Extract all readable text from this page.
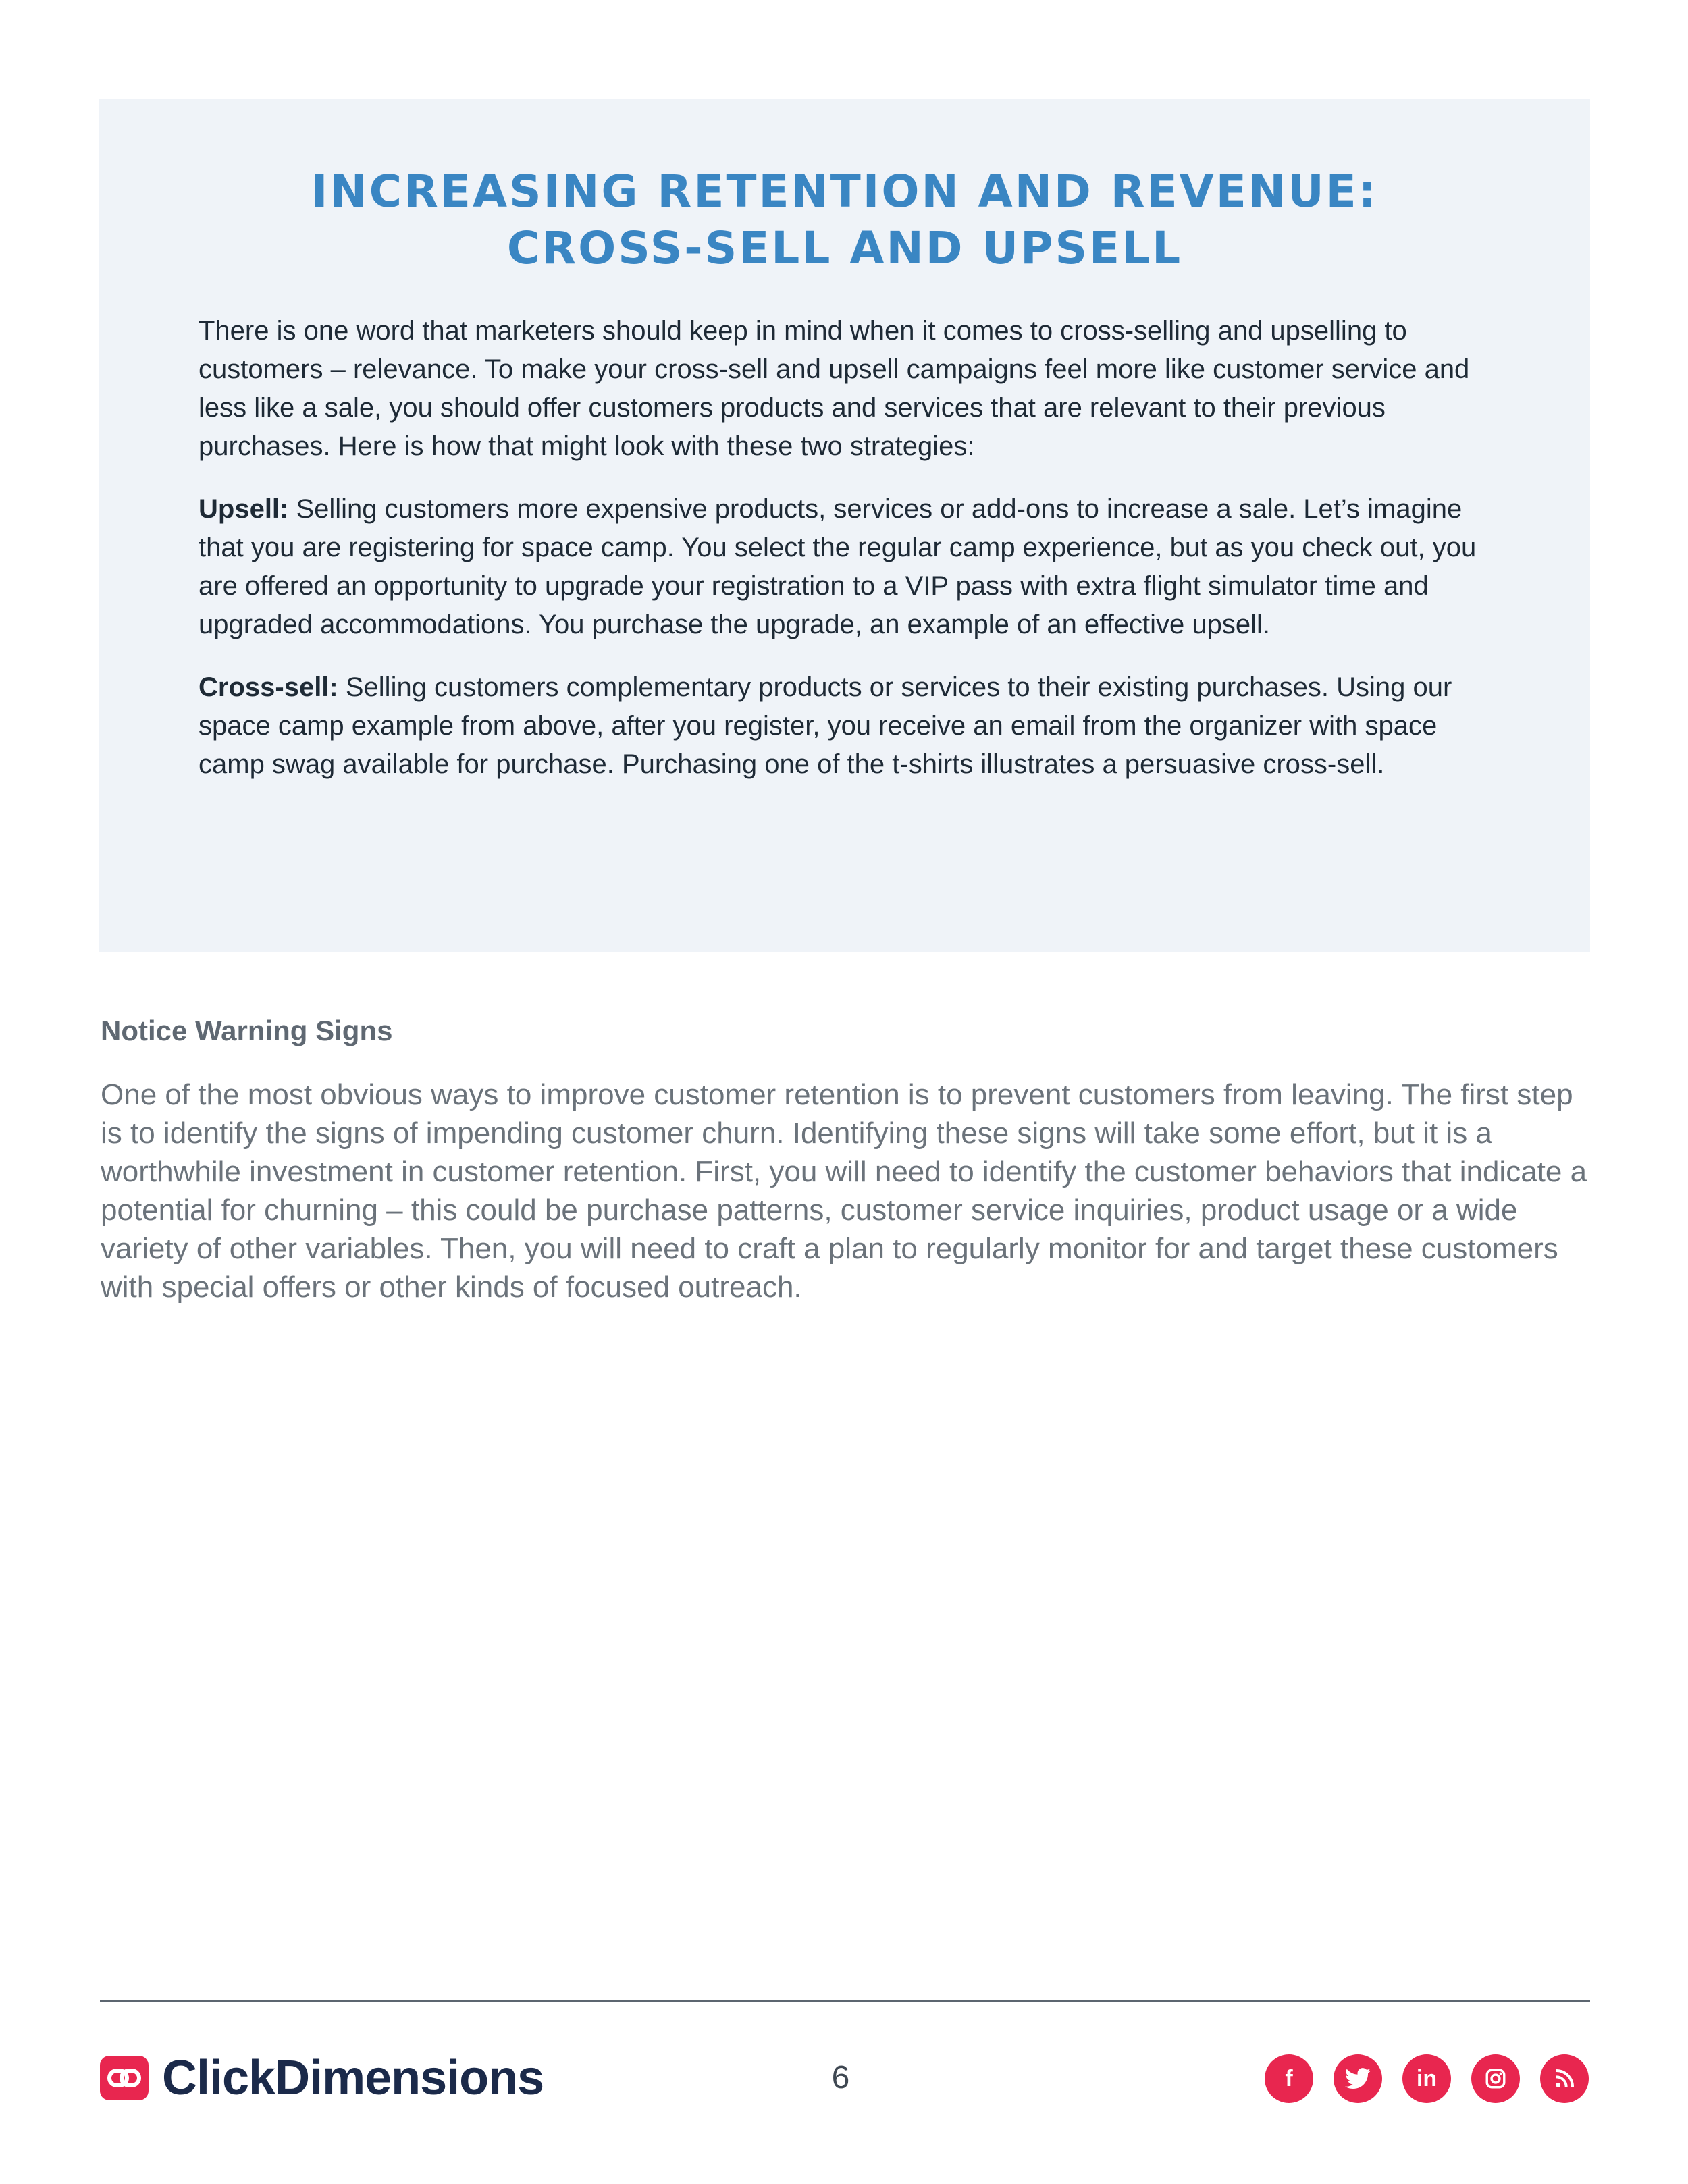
INCREASING RETENTION AND REVENUE:
CROSS-SELL AND UPSELL

There is one word that marketers should keep in mind when it comes to cross-selling and upselling to customers – relevance. To make your cross-sell and upsell campaigns feel more like customer service and less like a sale, you should offer customers products and services that are relevant to their previous purchases. Here is how that might look with these two strategies:

Upsell: Selling customers more expensive products, services or add-ons to increase a sale. Let’s imagine that you are registering for space camp. You select the regular camp experience, but as you check out, you are offered an opportunity to upgrade your registration to a VIP pass with extra flight simulator time and upgraded accommodations. You purchase the upgrade, an example of an effective upsell.

Cross-sell: Selling customers complementary products or services to their existing purchases. Using our space camp example from above, after you register, you receive an email from the organizer with space camp swag available for purchase. Purchasing one of the t-shirts illustrates a persuasive cross-sell.

Notice Warning Signs

One of the most obvious ways to improve customer retention is to prevent customers from leaving. The first step is to identify the signs of impending customer churn. Identifying these signs will take some effort, but it is a worthwhile investment in customer retention. First, you will need to identify the customer behaviors that indicate a potential for churning – this could be purchase patterns, customer service inquiries, product usage or a wide variety of other variables. Then, you will need to craft a plan to regularly monitor for and target these customers with special offers or other kinds of focused outreach.

ClickDimensions	6	f	in
